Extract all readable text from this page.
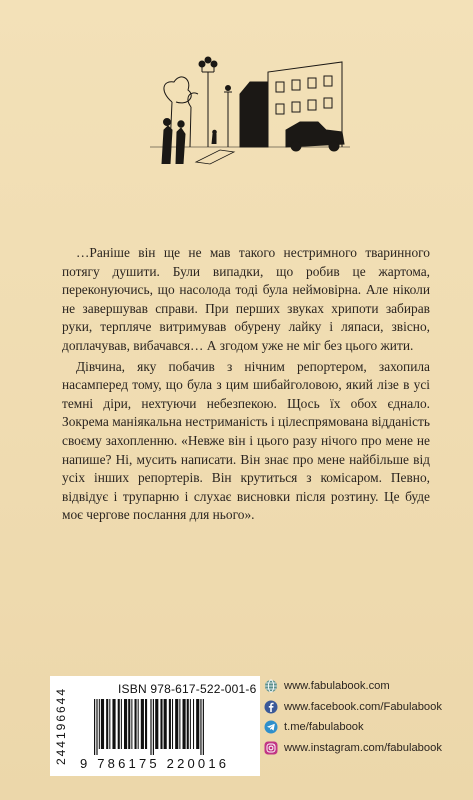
…Раніше він ще не мав такого нестримного тваринного потягу душити. Були випадки, що робив це жартома, переконуючись, що насолода тоді була неймовірна. Але ніколи не завершував справи. При перших звуках хрипоти забирав руки, терпляче витримував обурену лайку і ляпаси, звісно, доплачував, вибачався… А згодом уже не міг без цього жити.

Дівчина, яку побачив з нічним репортером, захопила насамперед тому, що була з цим шибайголовою, який лізе в усі темні діри, нехтуючи небезпекою. Щось їх обох єднало. Зокрема маніякальна нестриманість і цілеспрямована відданість своєму захопленню. «Невже він і цього разу нічого про мене не напише? Ні, мусить написати. Він знає про мене найбільше від усіх інших репортерів. Він крутиться з комісаром. Певно, відвідує і трупарню і слухає висновки після розтину. Це буде моє чергове послання для нього».

244196644	ISBN 978-617-522-001-6
9 786175 220016
www.fabulabook.com
www.facebook.com/Fabulabook
t.me/fabulabook
www.instagram.com/fabulabook
